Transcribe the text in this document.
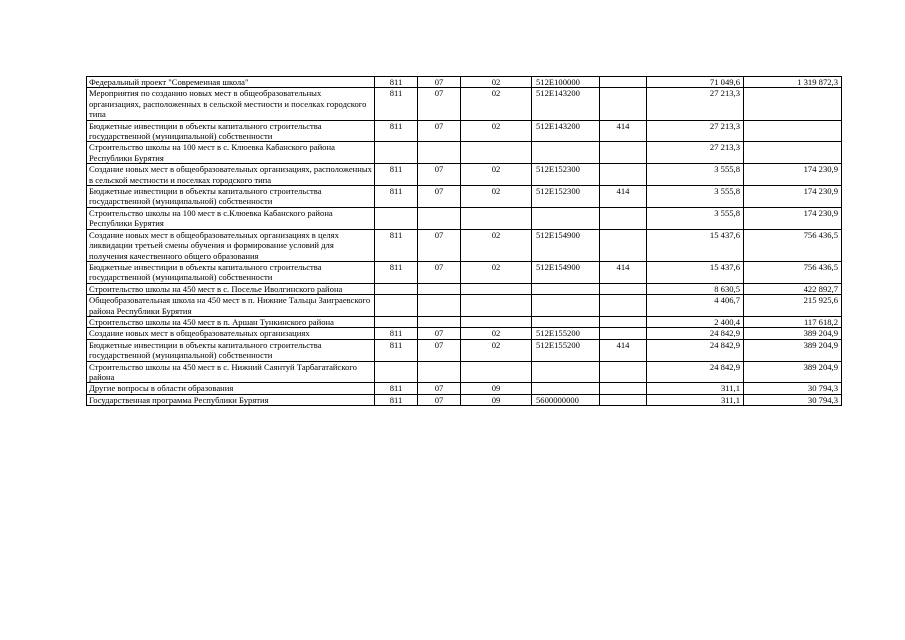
Федеральный проект "Современная школа"	811	07	02	512E100000		71 049,6	1 319 872,3
Мероприятия по созданию новых мест в общеобразовательных организациях, расположенных в сельской местности и поселках городского типа	811	07	02	512E143200		27 213,3	
Бюджетные инвестиции в объекты капитального строительства государственной (муниципальной) собственности	811	07	02	512E143200	414	27 213,3	
Строительство школы на 100 мест в с. Клюевка Кабанского района Республики Бурятия						27 213,3	
Создание новых мест в общеобразовательных организациях, расположенных в сельской местности и поселках городского типа	811	07	02	512E152300		3 555,8	174 230,9
Бюджетные инвестиции в объекты капитального строительства государственной (муниципальной) собственности	811	07	02	512E152300	414	3 555,8	174 230,9
Строительство школы на 100 мест в с.Клюевка Кабанского района Республики Бурятия						3 555,8	174 230,9
Создание новых мест в общеобразовательных организациях в целях ликвидации третьей смены обучения и формирование условий для получения качественного общего образования	811	07	02	512E154900		15 437,6	756 436,5
Бюджетные инвестиции в объекты капитального строительства государственной (муниципальной) собственности	811	07	02	512E154900	414	15 437,6	756 436,5
Строительство школы на 450 мест в с. Поселье Иволгинского района						8 630,5	422 892,7
Общеобразовательная школа на 450 мест в п. Нижние Тальцы Заиграевского района Республики Бурятия						4 406,7	215 925,6
Строительство школы на 450 мест в п. Аршан Тункинского района						2 400,4	117 618,2
Создание новых мест в общеобразовательных организациях	811	07	02	512E155200		24 842,9	389 204,9
Бюджетные инвестиции в объекты капитального строительства государственной (муниципальной) собственности	811	07	02	512E155200	414	24 842,9	389 204,9
Строительство школы на 450 мест в с. Нижний Саянтуй Тарбагатайского района						24 842,9	389 204,9
Другие вопросы в области образования	811	07	09			311,1	30 794,3
Государственная программа Республики Бурятия	811	07	09	5600000000		311,1	30 794,3
